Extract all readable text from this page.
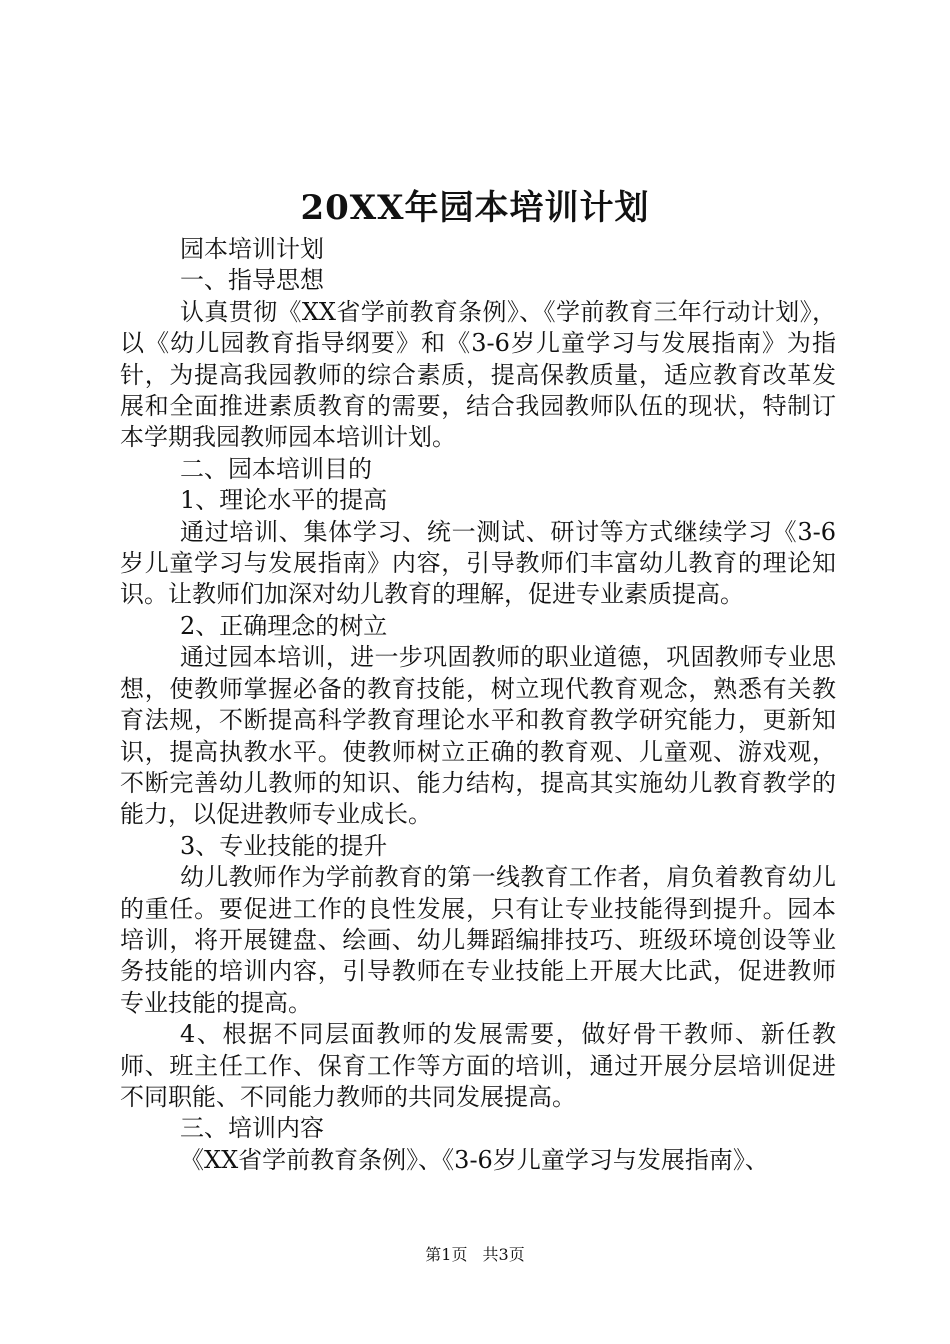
20XX年园本培训计划

园本培训计划

一、指导思想

认真贯彻《XX省学前教育条例》、《学前教育三年行动计划》，以《幼儿园教育指导纲要》和《3-6岁儿童学习与发展指南》为指针，为提高我园教师的综合素质，提高保教质量，适应教育改革发展和全面推进素质教育的需要，结合我园教师队伍的现状，特制订本学期我园教师园本培训计划。

二、园本培训目的

1、理论水平的提高

通过培训、集体学习、统一测试、研讨等方式继续学习《3-6岁儿童学习与发展指南》内容，引导教师们丰富幼儿教育的理论知识。让教师们加深对幼儿教育的理解，促进专业素质提高。

2、正确理念的树立

通过园本培训，进一步巩固教师的职业道德，巩固教师专业思想，使教师掌握必备的教育技能，树立现代教育观念，熟悉有关教育法规，不断提高科学教育理论水平和教育教学研究能力，更新知识，提高执教水平。使教师树立正确的教育观、儿童观、游戏观，不断完善幼儿教师的知识、能力结构，提高其实施幼儿教育教学的能力，以促进教师专业成长。

3、专业技能的提升

幼儿教师作为学前教育的第一线教育工作者，肩负着教育幼儿的重任。要促进工作的良性发展，只有让专业技能得到提升。园本培训，将开展键盘、绘画、幼儿舞蹈编排技巧、班级环境创设等业务技能的培训内容，引导教师在专业技能上开展大比武，促进教师专业技能的提高。

4、根据不同层面教师的发展需要，做好骨干教师、新任教师、班主任工作、保育工作等方面的培训，通过开展分层培训促进不同职能、不同能力教师的共同发展提高。

三、培训内容

《XX省学前教育条例》、《3-6岁儿童学习与发展指南》、

第1页 共3页
